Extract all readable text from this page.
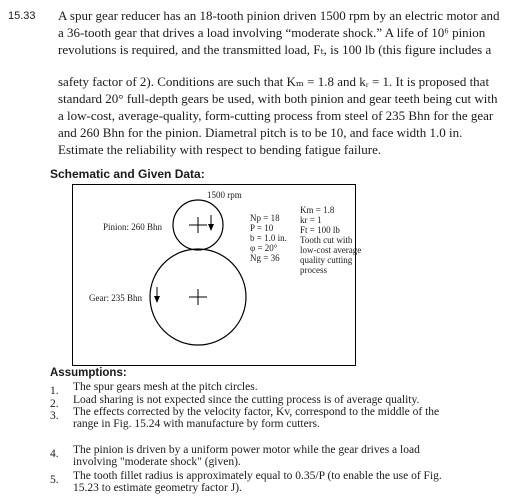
15.33 A spur gear reducer has an 18-tooth pinion driven 1500 rpm by an electric motor and
a 36-tooth gear that drives a load involving “moderate shock.” A life of 10⁶ pinion
revolutions is required, and the transmitted load, Fₜ, is 100 lb (this figure includes a
safety factor of 2). Conditions are such that Kₘ = 1.8 and kᵣ = 1. It is proposed that
standard 20° full-depth gears be used, with both pinion and gear teeth being cut with
a low-cost, average-quality, form-cutting process from steel of 235 Bhn for the gear
and 260 Bhn for the pinion. Diametral pitch is to be 10, and face width 1.0 in.
Estimate the reliability with respect to bending fatigue failure.
Schematic and Given Data:
1500 rpm
Pinion: 260 Bhn
Gear: 235 Bhn
Np = 18
P = 10
b = 1.0 in.
φ = 20°
Ng = 36
Km = 1.8
kr = 1
Ft = 100 lb
Tooth cut with
low-cost average
quality cutting
process
Assumptions:
1. The spur gears mesh at the pitch circles.
2. Load sharing is not expected since the cutting process is of average quality.
3. The effects corrected by the velocity factor, Kv, correspond to the middle of the
range in Fig. 15.24 with manufacture by form cutters.
4. The pinion is driven by a uniform power motor while the gear drives a load
involving "moderate shock" (given).
5. The tooth fillet radius is approximately equal to 0.35/P (to enable the use of Fig.
15.23 to estimate geometry factor J).
